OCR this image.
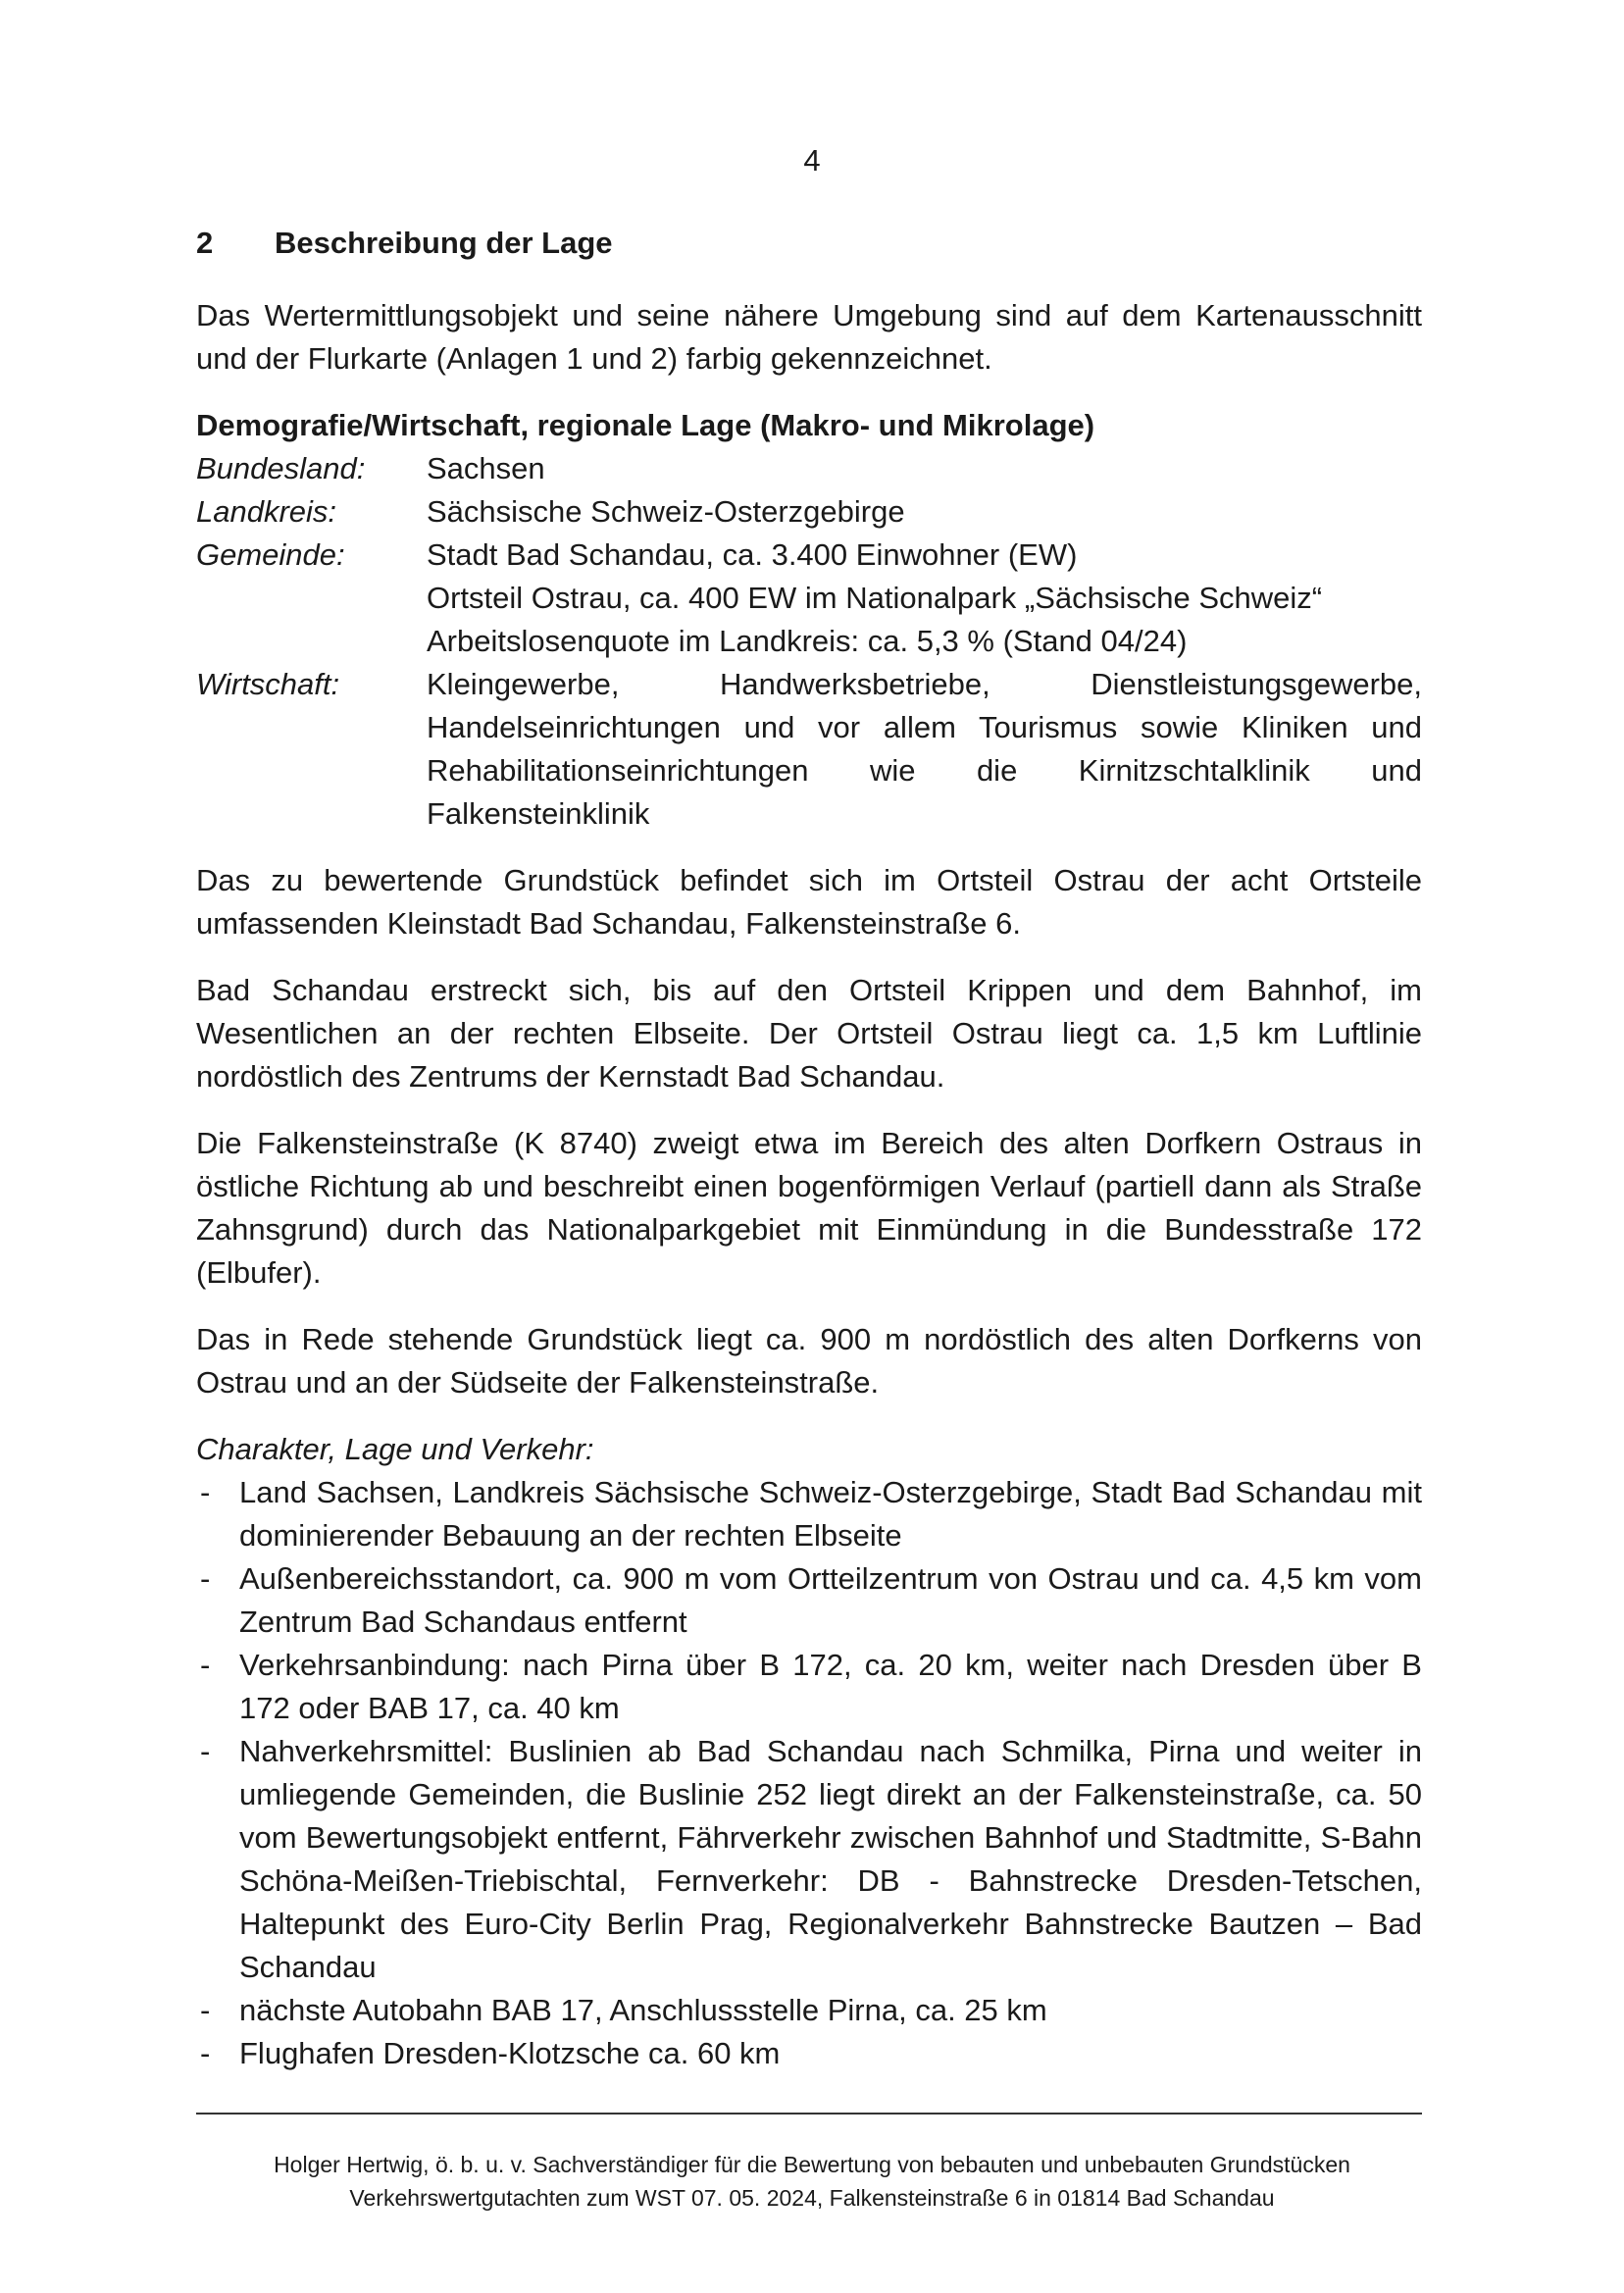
4
2	Beschreibung der Lage

Das Wertermittlungsobjekt und seine nähere Umgebung sind auf dem Kartenausschnitt und der Flurkarte (Anlagen 1 und 2) farbig gekennzeichnet.

Demografie/Wirtschaft, regionale Lage (Makro- und Mikrolage)
Bundesland:	Sachsen
Landkreis:	Sächsische Schweiz-Osterzgebirge
Gemeinde:	Stadt Bad Schandau, ca. 3.400 Einwohner (EW)
Ortsteil Ostrau, ca. 400 EW im Nationalpark „Sächsische Schweiz“
Arbeitslosenquote im Landkreis: ca. 5,3 % (Stand 04/24)
Wirtschaft:	Kleingewerbe, Handwerksbetriebe, Dienstleistungsgewerbe, Handelseinrichtungen und vor allem Tourismus sowie Kliniken und Rehabilitationseinrichtungen wie die Kirnitzschtalklinik und Falkensteinklinik

Das zu bewertende Grundstück befindet sich im Ortsteil Ostrau der acht Ortsteile umfassenden Kleinstadt Bad Schandau, Falkensteinstraße 6.

Bad Schandau erstreckt sich, bis auf den Ortsteil Krippen und dem Bahnhof, im Wesentlichen an der rechten Elbseite. Der Ortsteil Ostrau liegt ca. 1,5 km Luftlinie nordöstlich des Zentrums der Kernstadt Bad Schandau.

Die Falkensteinstraße (K 8740) zweigt etwa im Bereich des alten Dorfkern Ostraus in östliche Richtung ab und beschreibt einen bogenförmigen Verlauf (partiell dann als Straße Zahnsgrund) durch das Nationalparkgebiet mit Einmündung in die Bundesstraße 172 (Elbufer).

Das in Rede stehende Grundstück liegt ca. 900 m nordöstlich des alten Dorfkerns von Ostrau und an der Südseite der Falkensteinstraße.

Charakter, Lage und Verkehr:
- Land Sachsen, Landkreis Sächsische Schweiz-Osterzgebirge, Stadt Bad Schandau mit dominierender Bebauung an der rechten Elbseite
- Außenbereichsstandort, ca. 900 m vom Ortteilzentrum von Ostrau und ca. 4,5 km vom Zentrum Bad Schandaus entfernt
- Verkehrsanbindung: nach Pirna über B 172, ca. 20 km, weiter nach Dresden über B 172 oder BAB 17, ca. 40 km
- Nahverkehrsmittel: Buslinien ab Bad Schandau nach Schmilka, Pirna und weiter in umliegende Gemeinden, die Buslinie 252 liegt direkt an der Falkensteinstraße, ca. 50 vom Bewertungsobjekt entfernt, Fährverkehr zwischen Bahnhof und Stadtmitte, S-Bahn Schöna-Meißen-Triebischtal, Fernverkehr: DB - Bahnstrecke Dresden-Tetschen, Haltepunkt des Euro-City Berlin Prag, Regionalverkehr Bahnstrecke Bautzen – Bad Schandau
- nächste Autobahn BAB 17, Anschlussstelle Pirna, ca. 25 km
- Flughafen Dresden-Klotzsche ca. 60 km
Holger Hertwig, ö. b. u. v. Sachverständiger für die Bewertung von bebauten und unbebauten Grundstücken
Verkehrswertgutachten zum WST 07. 05. 2024, Falkensteinstraße 6 in 01814 Bad Schandau
